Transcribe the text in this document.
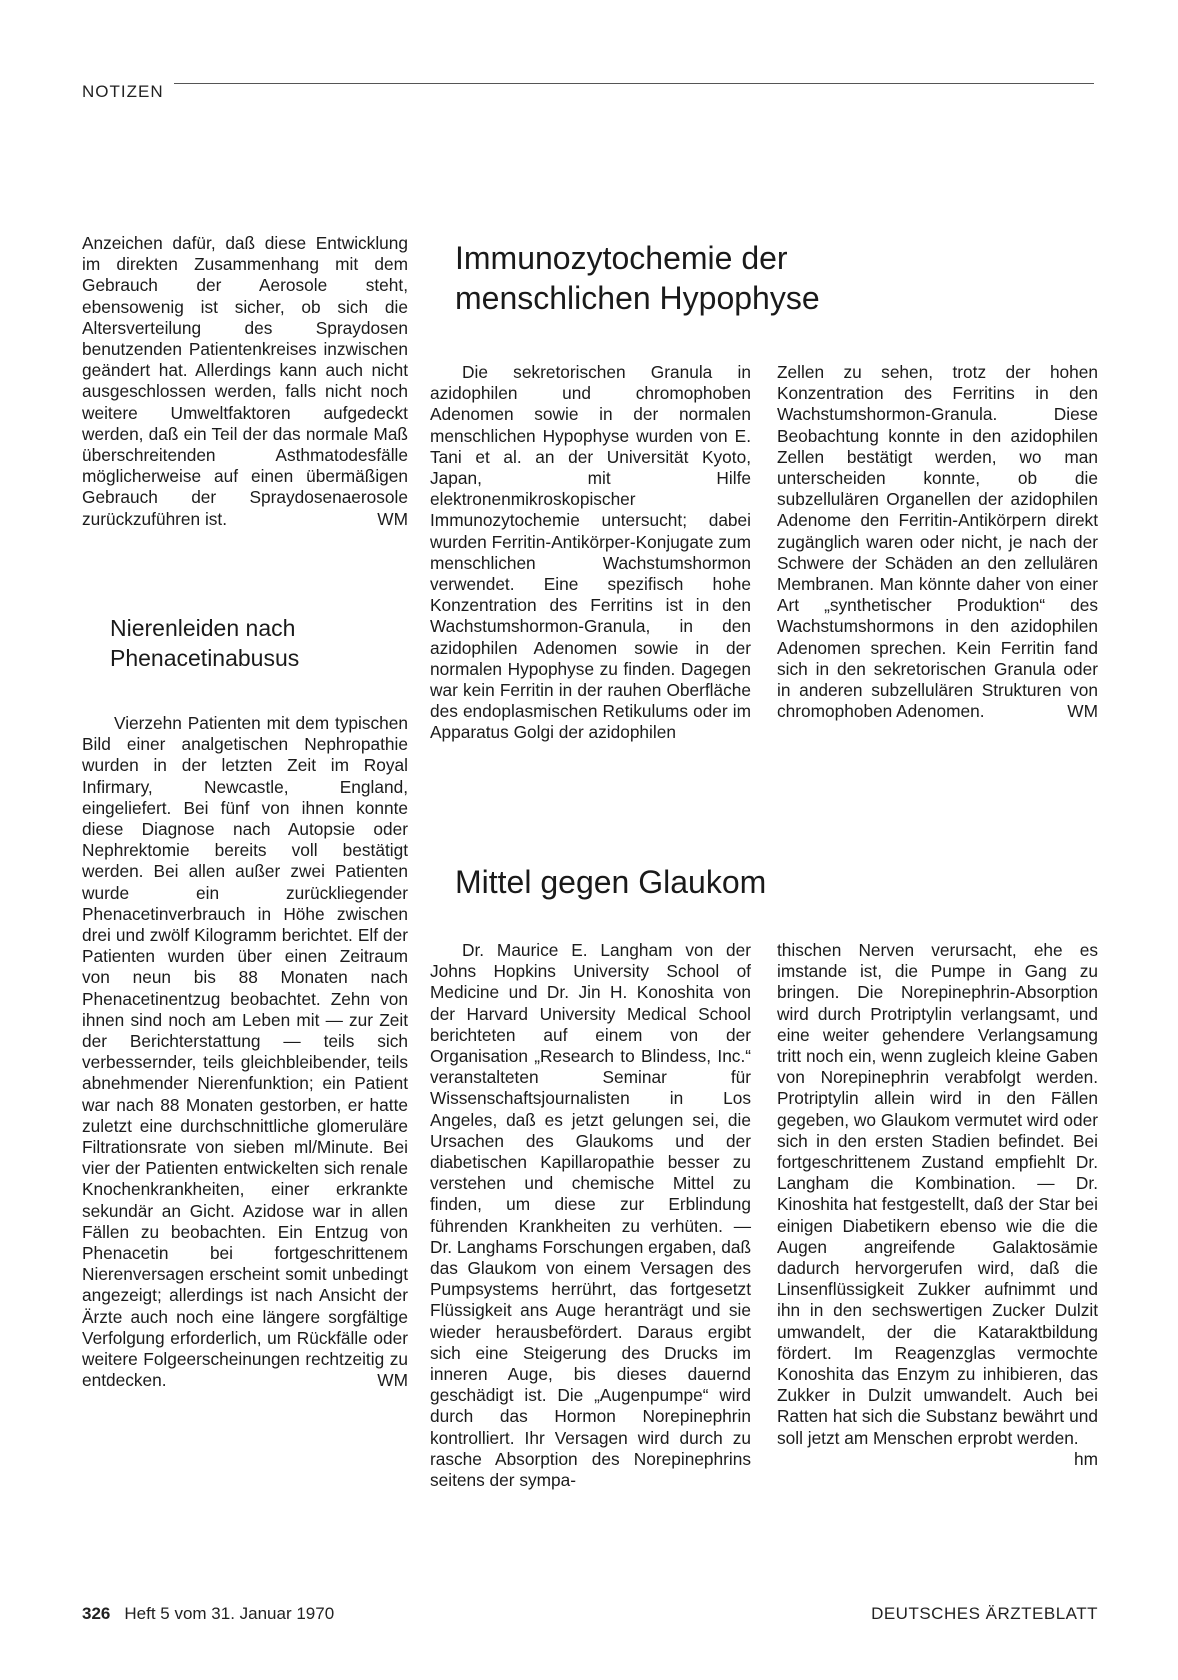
NOTIZEN

Anzeichen dafür, daß diese Entwicklung im direkten Zusammenhang mit dem Gebrauch der Aerosole steht, ebensowenig ist sicher, ob sich die Altersverteilung des Spraydosen benutzenden Patientenkreises inzwischen geändert hat. Allerdings kann auch nicht ausgeschlossen werden, falls nicht noch weitere Umweltfaktoren aufgedeckt werden, daß ein Teil der das normale Maß überschreitenden Asthmatodesfälle möglicherweise auf einen übermäßigen Gebrauch der Spraydosenaerosole zurückzuführen ist.	WM

Nierenleiden nach
Phenacetinabusus

Vierzehn Patienten mit dem typischen Bild einer analgetischen Nephropathie wurden in der letzten Zeit im Royal Infirmary, Newcastle, England, eingeliefert. Bei fünf von ihnen konnte diese Diagnose nach Autopsie oder Nephrektomie bereits voll bestätigt werden. Bei allen außer zwei Patienten wurde ein zurückliegender Phenacetinverbrauch in Höhe zwischen drei und zwölf Kilogramm berichtet. Elf der Patienten wurden über einen Zeitraum von neun bis 88 Monaten nach Phenacetinentzug beobachtet. Zehn von ihnen sind noch am Leben mit — zur Zeit der Berichterstattung — teils sich verbessernder, teils gleichbleibender, teils abnehmender Nierenfunktion; ein Patient war nach 88 Monaten gestorben, er hatte zuletzt eine durchschnittliche glomeruläre Filtrationsrate von sieben ml/Minute. Bei vier der Patienten entwickelten sich renale Knochenkrankheiten, einer erkrankte sekundär an Gicht. Azidose war in allen Fällen zu beobachten. Ein Entzug von Phenacetin bei fortgeschrittenem Nierenversagen erscheint somit unbedingt angezeigt; allerdings ist nach Ansicht der Ärzte auch noch eine längere sorgfältige Verfolgung erforderlich, um Rückfälle oder weitere Folgeerscheinungen rechtzeitig zu entdecken.	WM

Immunozytochemie der
menschlichen Hypophyse

Die sekretorischen Granula in azidophilen und chromophoben Adenomen sowie in der normalen menschlichen Hypophyse wurden von E. Tani et al. an der Universität Kyoto, Japan, mit Hilfe elektronenmikroskopischer Immunozytochemie untersucht; dabei wurden Ferritin-Antikörper-Konjugate zum menschlichen Wachstumshormon verwendet. Eine spezifisch hohe Konzentration des Ferritins ist in den Wachstumshormon-Granula, in den azidophilen Adenomen sowie in der normalen Hypophyse zu finden. Dagegen war kein Ferritin in der rauhen Oberfläche des endoplasmischen Retikulums oder im Apparatus Golgi der azidophilen

Zellen zu sehen, trotz der hohen Konzentration des Ferritins in den Wachstumshormon-Granula. Diese Beobachtung konnte in den azidophilen Zellen bestätigt werden, wo man unterscheiden konnte, ob die subzellulären Organellen der azidophilen Adenome den Ferritin-Antikörpern direkt zugänglich waren oder nicht, je nach der Schwere der Schäden an den zellulären Membranen. Man könnte daher von einer Art „synthetischer Produktion“ des Wachstumshormons in den azidophilen Adenomen sprechen. Kein Ferritin fand sich in den sekretorischen Granula oder in anderen subzellulären Strukturen von chromophoben Adenomen.	WM

Mittel gegen Glaukom

Dr. Maurice E. Langham von der Johns Hopkins University School of Medicine und Dr. Jin H. Konoshita von der Harvard University Medical School berichteten auf einem von der Organisation „Research to Blindess, Inc.“ veranstalteten Seminar für Wissenschaftsjournalisten in Los Angeles, daß es jetzt gelungen sei, die Ursachen des Glaukoms und der diabetischen Kapillaropathie besser zu verstehen und chemische Mittel zu finden, um diese zur Erblindung führenden Krankheiten zu verhüten. — Dr. Langhams Forschungen ergaben, daß das Glaukom von einem Versagen des Pumpsystems herrührt, das fortgesetzt Flüssigkeit ans Auge heranträgt und sie wieder herausbefördert. Daraus ergibt sich eine Steigerung des Drucks im inneren Auge, bis dieses dauernd geschädigt ist. Die „Augenpumpe“ wird durch das Hormon Norepinephrin kontrolliert. Ihr Versagen wird durch zu rasche Absorption des Norepinephrins seitens der sympa-

thischen Nerven verursacht, ehe es imstande ist, die Pumpe in Gang zu bringen. Die Norepinephrin-Absorption wird durch Protriptylin verlangsamt, und eine weiter gehendere Verlangsamung tritt noch ein, wenn zugleich kleine Gaben von Norepinephrin verabfolgt werden. Protriptylin allein wird in den Fällen gegeben, wo Glaukom vermutet wird oder sich in den ersten Stadien befindet. Bei fortgeschrittenem Zustand empfiehlt Dr. Langham die Kombination. — Dr. Kinoshita hat festgestellt, daß der Star bei einigen Diabetikern ebenso wie die die Augen angreifende Galaktosämie dadurch hervorgerufen wird, daß die Linsenflüssigkeit Zukker aufnimmt und ihn in den sechswertigen Zucker Dulzit umwandelt, der die Kataraktbildung fördert. Im Reagenzglas vermochte Konoshita das Enzym zu inhibieren, das Zukker in Dulzit umwandelt. Auch bei Ratten hat sich die Substanz bewährt und soll jetzt am Menschen erprobt werden.
hm

326 Heft 5 vom 31. Januar 1970	DEUTSCHES ÄRZTEBLATT
